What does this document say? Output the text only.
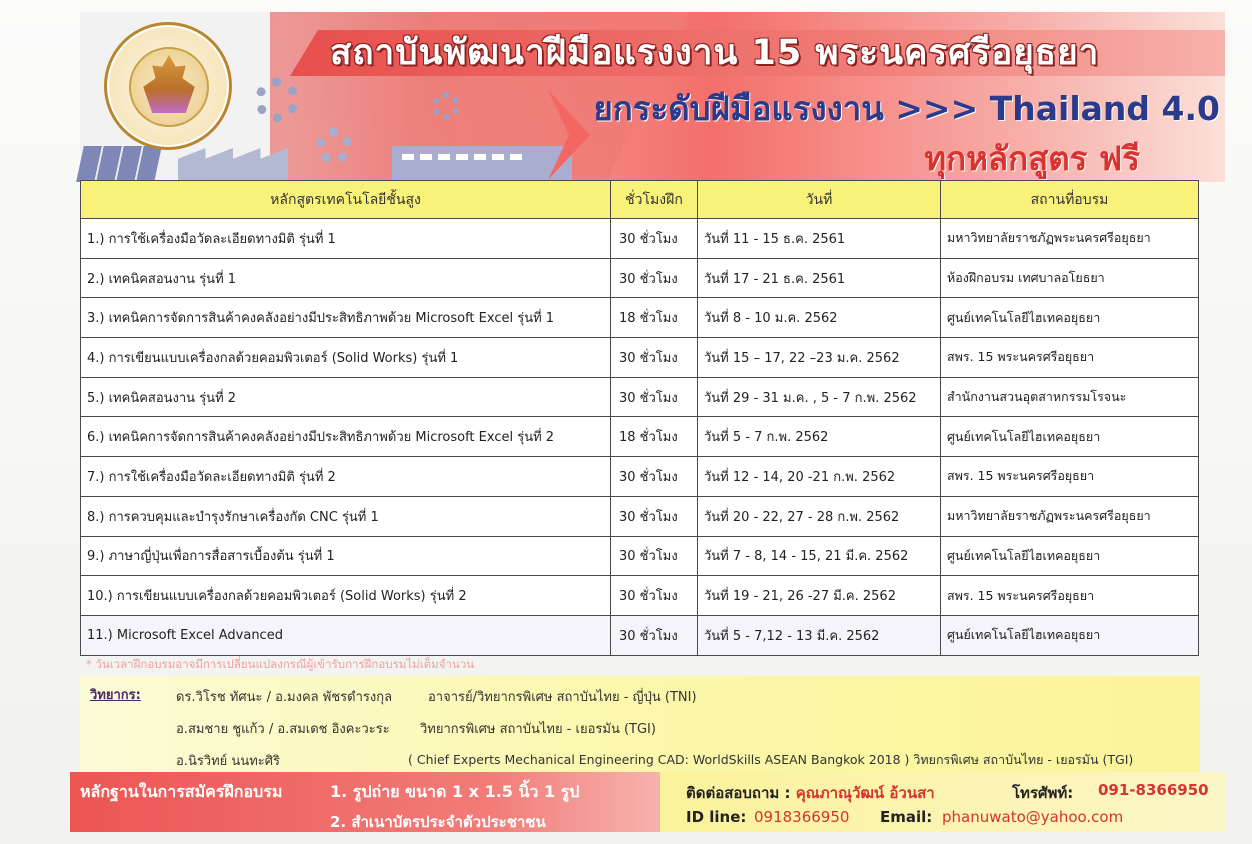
สถาบันพัฒนาฝีมือแรงงาน 15 พระนครศรีอยุธยา
ยกระดับฝีมือแรงงาน >>> Thailand 4.0
ทุกหลักสูตร ฟรี
หลักสูตรเทคโนโลยีชั้นสูง	ชั่วโมงฝึก	วันที่	สถานที่อบรม
1.) การใช้เครื่องมือวัดละเอียดทางมิติ รุ่นที่ 1	30 ชั่วโมง	วันที่ 11 - 15 ธ.ค. 2561	มหาวิทยาลัยราชภัฏพระนครศรีอยุธยา
2.) เทคนิคสอนงาน รุ่นที่ 1	30 ชั่วโมง	วันที่ 17 - 21 ธ.ค. 2561	ห้องฝึกอบรม เทศบาลอโยธยา
3.) เทคนิคการจัดการสินค้าคงคลังอย่างมีประสิทธิภาพด้วย Microsoft Excel รุ่นที่ 1	18 ชั่วโมง	วันที่ 8 - 10 ม.ค. 2562	ศูนย์เทคโนโลยีไฮเทคอยุธยา
4.) การเขียนแบบเครื่องกลด้วยคอมพิวเตอร์ (Solid Works) รุ่นที่ 1	30 ชั่วโมง	วันที่ 15 – 17, 22 –23 ม.ค. 2562	สพร. 15 พระนครศรีอยุธยา
5.) เทคนิคสอนงาน รุ่นที่ 2	30 ชั่วโมง	วันที่ 29 - 31 ม.ค. , 5 - 7 ก.พ. 2562	สำนักงานสวนอุตสาหกรรมโรจนะ
6.) เทคนิคการจัดการสินค้าคงคลังอย่างมีประสิทธิภาพด้วย Microsoft Excel รุ่นที่ 2	18 ชั่วโมง	วันที่ 5 - 7 ก.พ. 2562	ศูนย์เทคโนโลยีไฮเทคอยุธยา
7.) การใช้เครื่องมือวัดละเอียดทางมิติ รุ่นที่ 2	30 ชั่วโมง	วันที่ 12 - 14, 20 -21 ก.พ. 2562	สพร. 15 พระนครศรีอยุธยา
8.) การควบคุมและบำรุงรักษาเครื่องกัด CNC รุ่นที่ 1	30 ชั่วโมง	วันที่ 20 - 22, 27 - 28 ก.พ. 2562	มหาวิทยาลัยราชภัฏพระนครศรีอยุธยา
9.) ภาษาญี่ปุ่นเพื่อการสื่อสารเบื้องต้น รุ่นที่ 1	30 ชั่วโมง	วันที่ 7 - 8, 14 - 15, 21 มี.ค. 2562	ศูนย์เทคโนโลยีไฮเทคอยุธยา
10.) การเขียนแบบเครื่องกลด้วยคอมพิวเตอร์ (Solid Works) รุ่นที่ 2	30 ชั่วโมง	วันที่ 19 - 21, 26 -27 มี.ค. 2562	สพร. 15 พระนครศรีอยุธยา
11.) Microsoft Excel Advanced	30 ชั่วโมง	วันที่ 5 - 7,12 - 13 มี.ค. 2562	ศูนย์เทคโนโลยีไฮเทคอยุธยา
* วันเวลาฝึกอบรมอาจมีการเปลี่ยนแปลงกรณีผู้เข้ารับการฝึกอบรมไม่เต็มจำนวน
วิทยากร:	ดร.วิโรช ทัศนะ / อ.มงคล พัชรดำรงกุล	อาจารย์/วิทยากรพิเศษ สถาบันไทย - ญี่ปุ่น (TNI)
อ.สมชาย ชูแก้ว / อ.สมเดช อิงคะวะระ วิทยากรพิเศษ สถาบันไทย - เยอรมัน (TGI)
อ.นิรวิทย์ นนทะศิริ	( Chief Experts Mechanical Engineering CAD: WorldSkills ASEAN Bangkok 2018 ) วิทยกรพิเศษ สถาบันไทย - เยอรมัน (TGI)
หลักฐานในการสมัครฝึกอบรม	1. รูปถ่าย ขนาด 1 x 1.5 นิ้ว 1 รูป
2. สำเนาบัตรประจำตัวประชาชน
ติดต่อสอบถาม : คุณภาณุวัฒน์ อ้วนสา	โทรศัพท์: 091-8366950
ID line: 0918366950 Email: phanuwato@yahoo.com
